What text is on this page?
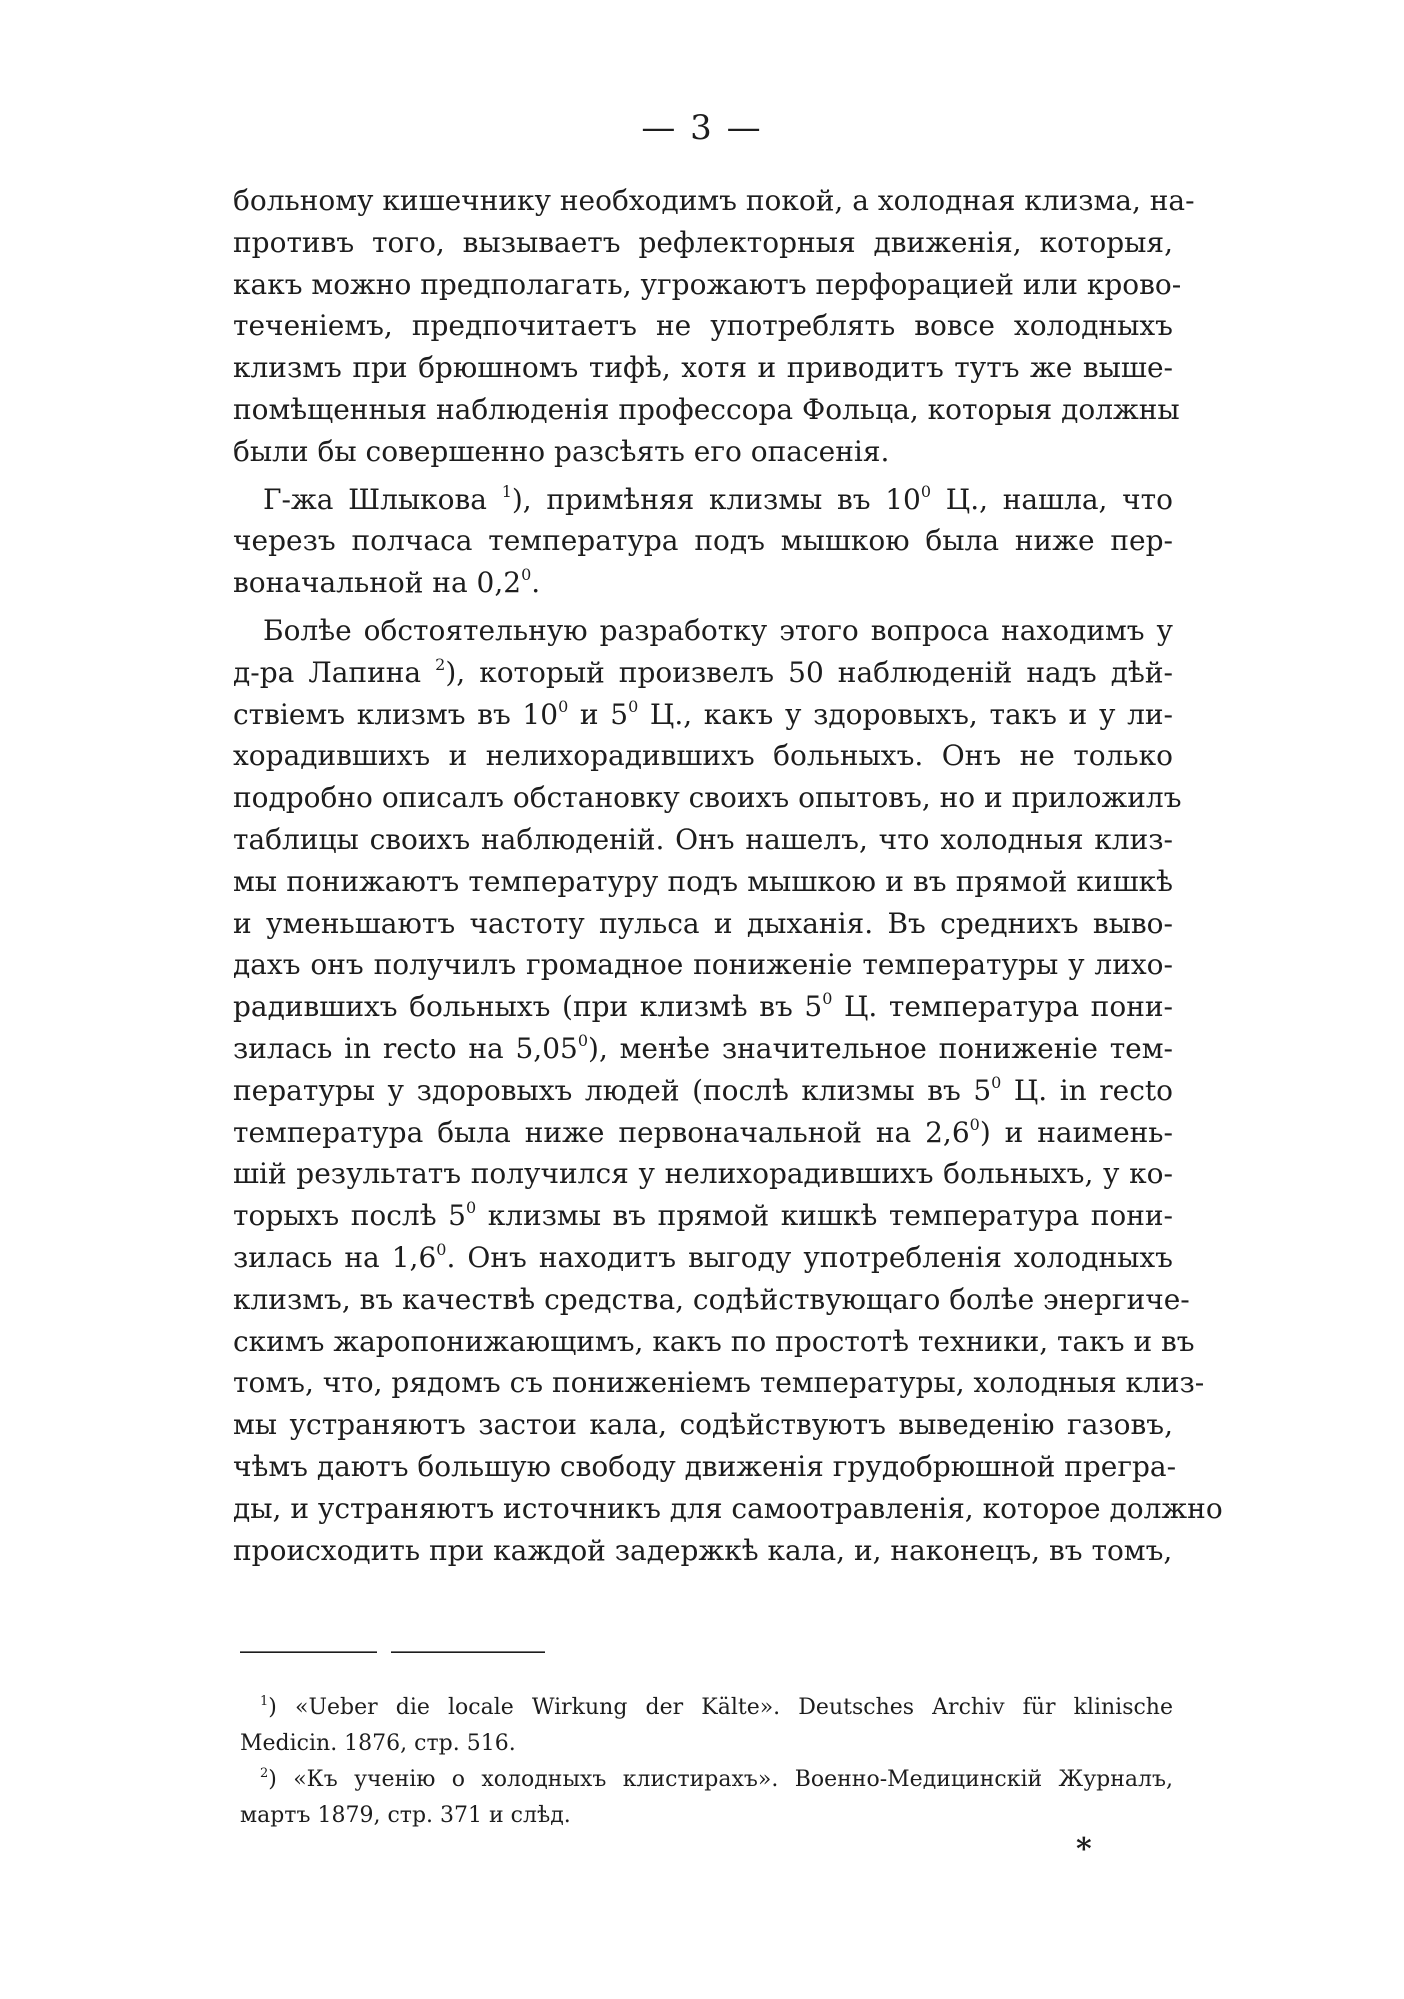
— 3 —
больному кишечнику необходимъ покой, а холодная клизма, на-
противъ того, вызываетъ рефлекторныя движенія, которыя,
какъ можно предполагать, угрожаютъ перфорацией или крово-
теченіемъ, предпочитаетъ не употреблять вовсе холодныхъ
клизмъ при брюшномъ тифѣ, хотя и приводитъ тутъ же выше-
помѣщенныя наблюденія профессора Фольца, которыя должны
были бы совершенно разсѣять его опасенія.
Г-жа Шлыкова $^1$), примѣняя клизмы въ $10^0$ Ц., нашла, что
черезъ полчаса температура подъ мышкою была ниже пер-
воначальной на $0,2^0$.
Болѣе обстоятельную разработку этого вопроса находимъ у
д-ра Лапина $^2$), который произвелъ 50 наблюденій надъ дѣй-
ствіемъ клизмъ въ $10^0$ и $5^0$ Ц., какъ у здоровыхъ, такъ и у ли-
хорадившихъ и нелихорадившихъ больныхъ. Онъ не только
подробно описалъ обстановку своихъ опытовъ, но и приложилъ
таблицы своихъ наблюденій. Онъ нашелъ, что холодныя клиз-
мы понижаютъ температуру подъ мышкою и въ прямой кишкѣ
и уменьшаютъ частоту пульса и дыханія. Въ среднихъ выво-
дахъ онъ получилъ громадное пониженіе температуры у лихо-
радившихъ больныхъ (при клизмѣ въ $5^0$ Ц. температура пони-
зилась in recto на 5,05$^0$), менѣе значительное пониженіе тем-
пературы у здоровыхъ людей (послѣ клизмы въ $5^0$ Ц. in recto
температура была ниже первоначальной на $2,6^0$) и наимень-
шій результатъ получился у нелихорадившихъ больныхъ, у ко-
торыхъ послѣ $5^0$ клизмы въ прямой кишкѣ температура пони-
зилась на $1,6^0$. Онъ находитъ выгоду употребленія холодныхъ
клизмъ, въ качествѣ средства, содѣйствующаго болѣе энергиче-
скимъ жаропонижающимъ, какъ по простотѣ техники, такъ и въ
томъ, что, рядомъ съ пониженіемъ температуры, холодныя клиз-
мы устраняютъ застои кала, содѣйствуютъ выведенію газовъ,
чѣмъ даютъ большую свободу движенія грудобрюшной прегра-
ды, и устраняютъ источникъ для самоотравленія, которое должно
происходить при каждой задержкѣ кала, и, наконецъ, въ томъ,
$^1$) «Ueber die locale Wirkung der Kälte». Deutsches Archiv für klinische
Medicin. 1876, стр. 516.
$^2$) «Къ ученію о холодныхъ клистирахъ». Военно-Медицинскій Журналъ,
мартъ 1879, стр. 371 и слѣд.
*
